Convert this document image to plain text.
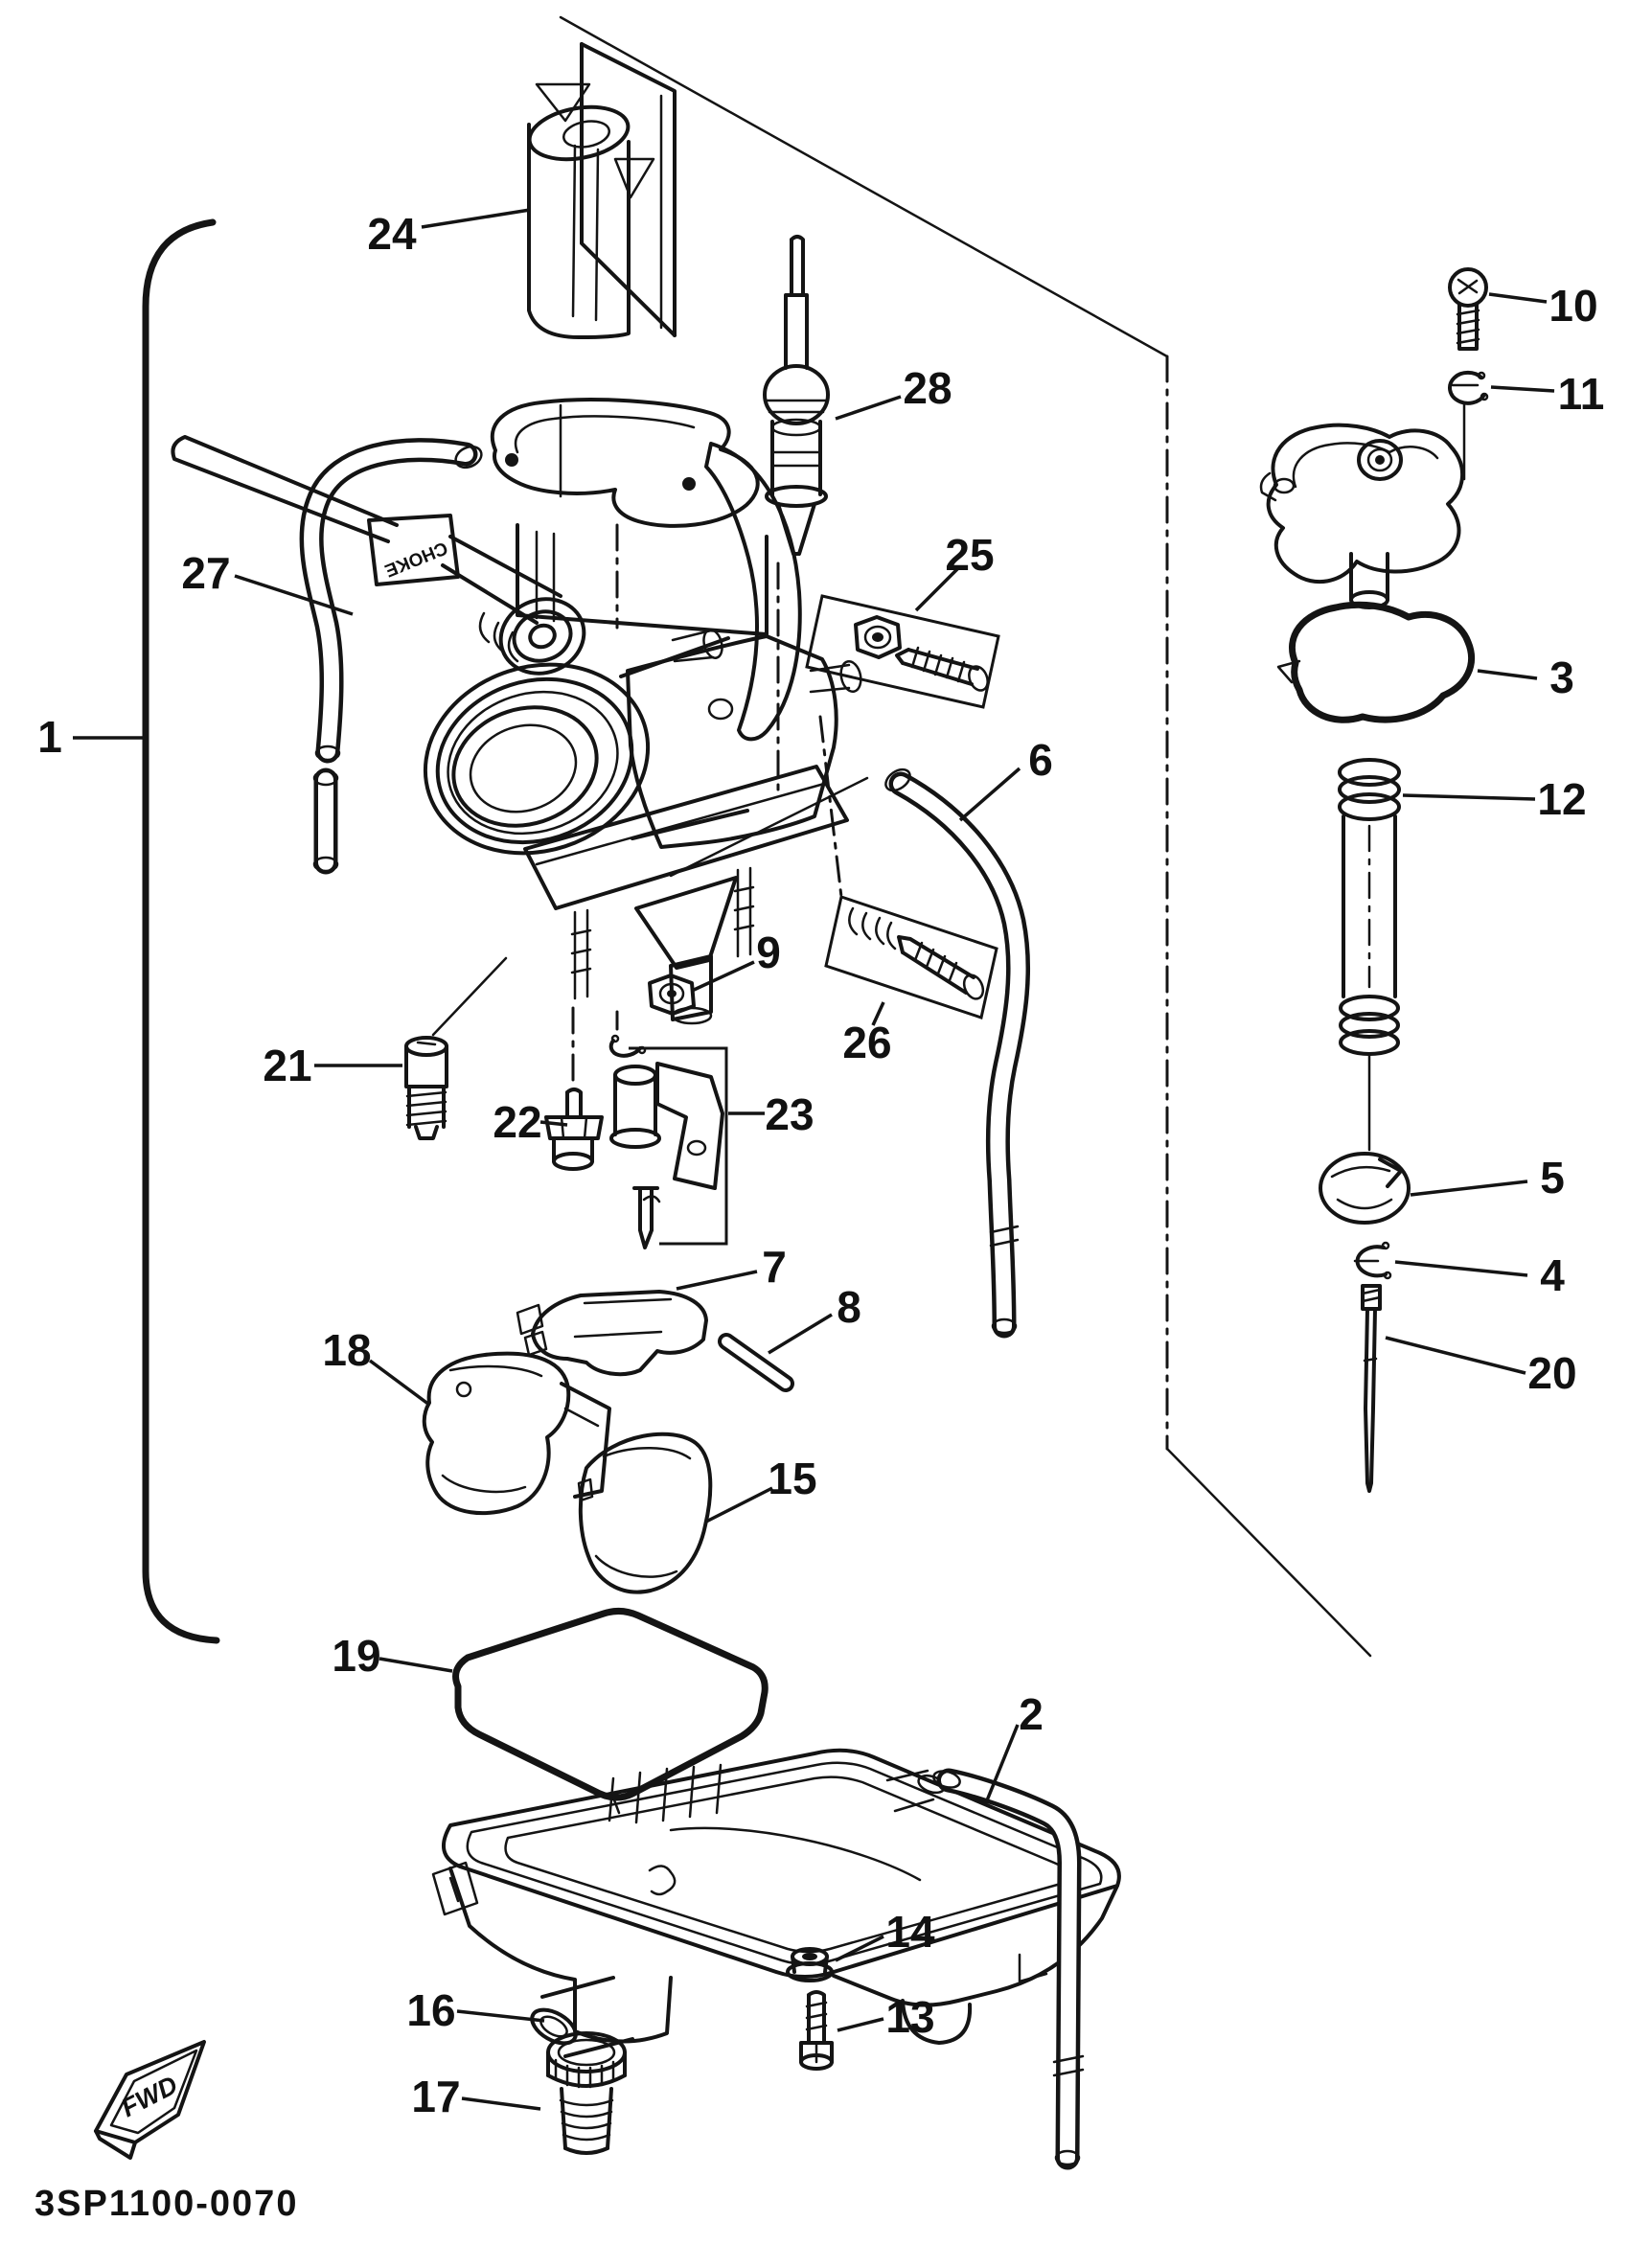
CHOKE
FWD
3SP1100-0070
1
2
3
4
5
6
7
8
9
10
11
12
13
14
15
16
17
18
19
20
21
22	23
24
25
26
27
28
